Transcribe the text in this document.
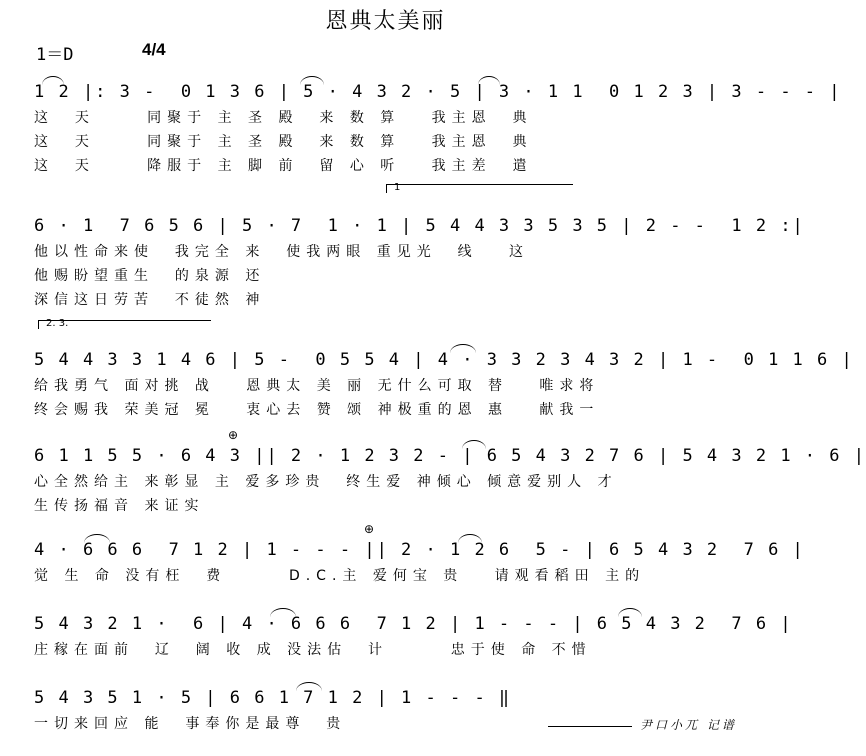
恩典太美丽
1＝D	4/4
1 2 |: 3 -  0 1 3 6 | 5 · 4 3 2 · 5 | 3 · 1 1  0 1 2 3 | 3 - - - |
这  天     同聚于 主 圣 殿  来 数 算   我主恩  典
这  天     同聚于 主 圣 殿  来 数 算   我主恩  典
这  天     降服于 主 脚 前  留 心 听   我主差  遣
1
6 · 1  7 6 5 6 | 5 · 7  1 · 1 | 5 4 4 3 3 5 3 5 | 2 - -  1 2 :|
他以性命来使  我完全 来  使我两眼 重见光  线   这
他赐盼望重生  的泉源 还
深信这日劳苦  不徒然 神
2. 3.
5 4 4 3 3 1 4 6 | 5 -  0 5 5 4 | 4 · 3 3 2 3 4 3 2 | 1 -  0 1 1 6 |
给我勇气 面对挑 战   恩典太 美 丽 无什么可取 替   唯求将
终会赐我 荣美冠 冕   衷心去 赞 颂 神极重的恩 惠   献我一
⊕
6 1 1 5 5 · 6 4 3 || 2 · 1 2 3 2 - | 6 5 4 3 2 7 6 | 5 4 3 2 1 · 6 |
心全然给主 来彰显 主 爱多珍贵  终生爱 神倾心 倾意爱别人 才
生传扬福音 来证实
⊕
4 · 6 6 6  7 1 2 | 1 - - - || 2 · 1 2 6  5 - | 6 5 4 3 2  7 6 |
觉 生 命 没有枉  费      D.C.主 爱何宝 贵   请观看稻田 主的
5 4 3 2 1 ·  6 | 4 · 6 6 6  7 1 2 | 1 - - - | 6 5 4 3 2  7 6 |
庄稼在面前  辽  阔 收 成 没法估  计      忠于使 命 不惜
5 4 3 5 1 · 5 | 6 6 1 7 1 2 | 1 - - - ‖
一切来回应 能  事奉你是最尊  贵	尹口小兀 记谱
